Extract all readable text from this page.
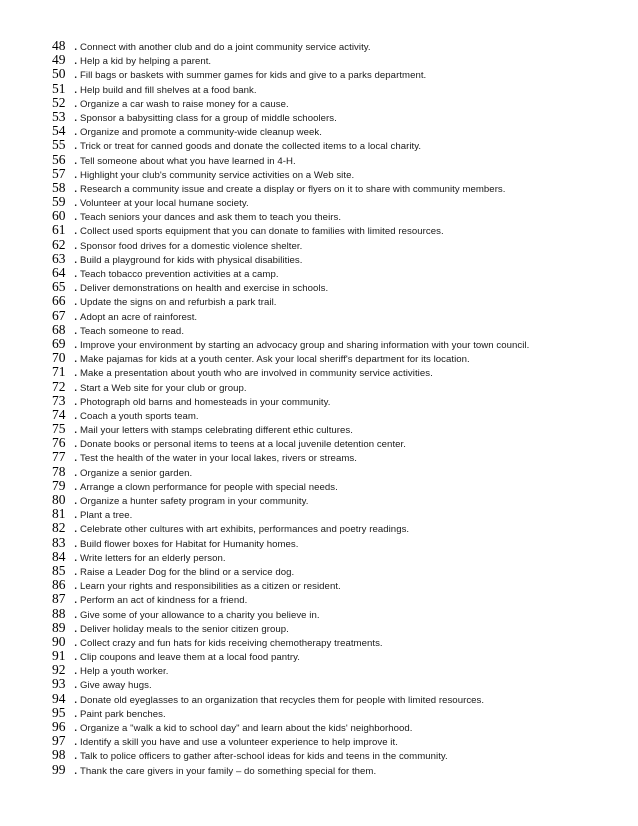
48 . Connect with another club and do a joint community service activity.
49 . Help a kid by helping a parent.
50 . Fill bags or baskets with summer games for kids and give to a parks department.
51 . Help build and fill shelves at a food bank.
52 . Organize a car wash to raise money for a cause.
53 . Sponsor a babysitting class for a group of middle schoolers.
54 . Organize and promote a community-wide cleanup week.
55 . Trick or treat for canned goods and donate the collected items to a local charity.
56 . Tell someone about what you have learned in 4-H.
57 . Highlight your club's community service activities on a Web site.
58 . Research a community issue and create a display or flyers on it to share with community members.
59 . Volunteer at your local humane society.
60 . Teach seniors your dances and ask them to teach you theirs.
61 . Collect used sports equipment that you can donate to families with limited resources.
62 . Sponsor food drives for a domestic violence shelter.
63 . Build a playground for kids with physical disabilities.
64 . Teach tobacco prevention activities at a camp.
65 . Deliver demonstrations on health and exercise in schools.
66 . Update the signs on and refurbish a park trail.
67 . Adopt an acre of rainforest.
68 . Teach someone to read.
69 . Improve your environment by starting an advocacy group and sharing information with your town council.
70 . Make pajamas for kids at a youth center. Ask your local sheriff's department for its location.
71 . Make a presentation about youth who are involved in community service activities.
72 . Start a Web site for your club or group.
73 . Photograph old barns and homesteads in your community.
74 . Coach a youth sports team.
75 . Mail your letters with stamps celebrating different ethic cultures.
76 . Donate books or personal items to teens at a local juvenile detention center.
77 . Test the health of the water in your local lakes, rivers or streams.
78 . Organize a senior garden.
79 . Arrange a clown performance for people with special needs.
80 . Organize a hunter safety program in your community.
81 . Plant a tree.
82 . Celebrate other cultures with art exhibits, performances and poetry readings.
83 . Build flower boxes for Habitat for Humanity homes.
84 . Write letters for an elderly person.
85 . Raise a Leader Dog for the blind or a service dog.
86 . Learn your rights and responsibilities as a citizen or resident.
87 . Perform an act of kindness for a friend.
88 . Give some of your allowance to a charity you believe in.
89 . Deliver holiday meals to the senior citizen group.
90 . Collect crazy and fun hats for kids receiving chemotherapy treatments.
91 . Clip coupons and leave them at a local food pantry.
92 . Help a youth worker.
93 . Give away hugs.
94 . Donate old eyeglasses to an organization that recycles them for people with limited resources.
95 . Paint park benches.
96 . Organize a "walk a kid to school day" and learn about the kids' neighborhood.
97 . Identify a skill you have and use a volunteer experience to help improve it.
98 . Talk to police officers to gather after-school ideas for kids and teens in the community.
99 . Thank the care givers in your family – do something special for them.
